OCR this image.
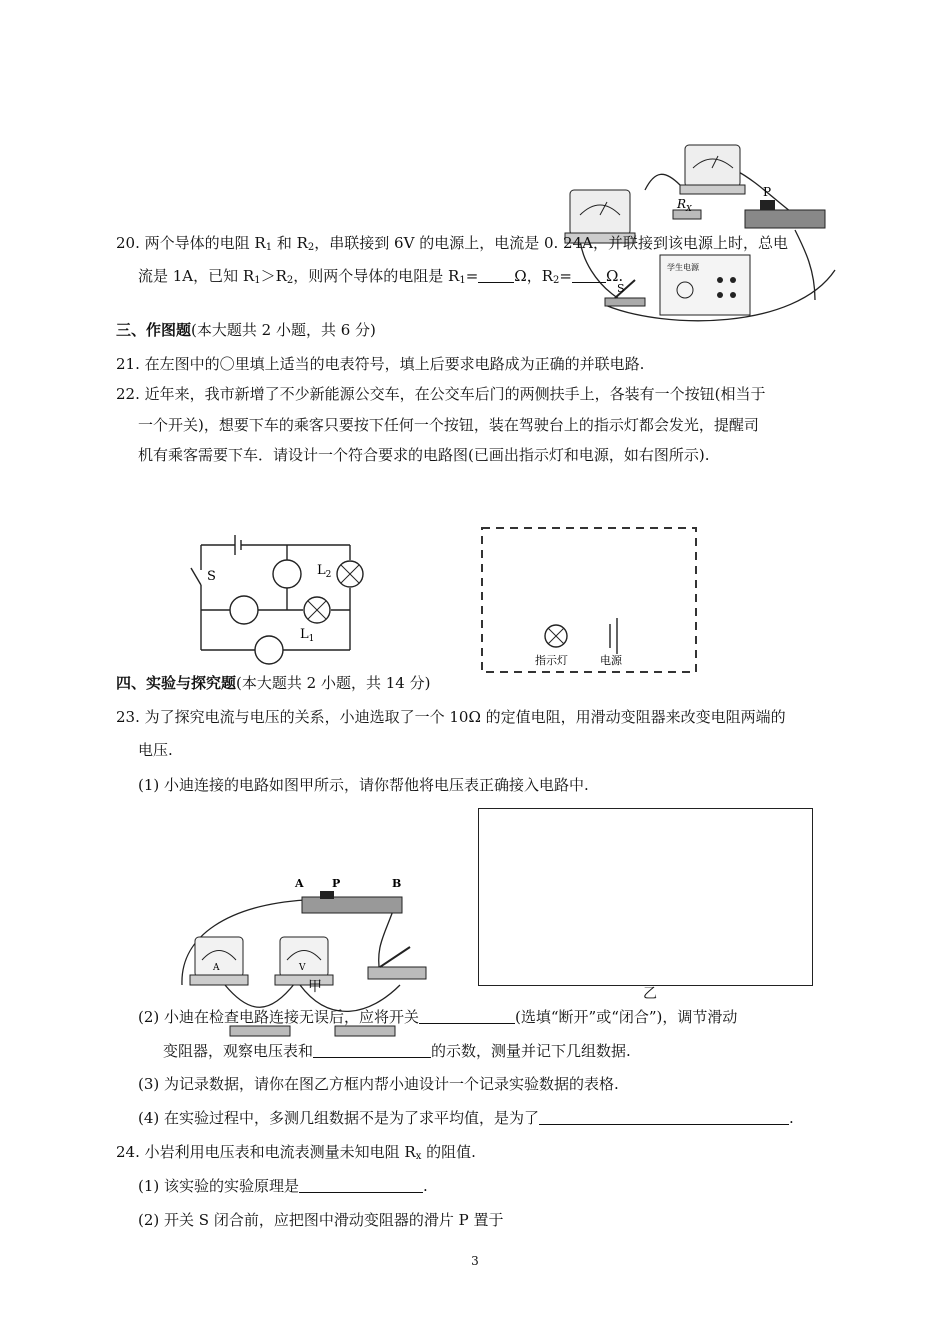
$R_X$
P
学生电源
S
20. 两个导体的电阻 $R_1$ 和 $R_2$，串联接到 6V 的电源上，电流是 0. 24A，并联接到该电源上时，总电
流是 1A，已知 $R_1>R_2$，则两个导体的电阻是 $R_1= \Omega$，$R_2= \Omega$.
三、作图题(本大题共 2 小题，共 6 分)
21. 在左图中的〇里填上适当的电表符号，填上后要求电路成为正确的并联电路.
22. 近年来，我市新增了不少新能源公交车，在公交车后门的两侧扶手上，各装有一个按钮(相当于
一个开关)，想要下车的乘客只要按下任何一个按钮，装在驾驶台上的指示灯都会发光，提醒司
机有乘客需要下车．请设计一个符合要求的电路图(已画出指示灯和电源，如右图所示).
S	$L_2$
$L_1$
指示灯	电源
四、实验与探究题(本大题共 2 小题，共 14 分)
23. 为了探究电流与电压的关系，小迪选取了一个 10Ω 的定值电阻，用滑动变阻器来改变电阻两端的
电压.
(1) 小迪连接的电路如图甲所示，请你帮他将电压表正确接入电路中.
A	P	B
A	V
甲	乙
(2) 小迪在检查电路连接无误后，应将开关	(选填“断开”或“闭合”)，调节滑动
变阻器，观察电压表和	的示数，测量并记下几组数据.
(3) 为记录数据，请你在图乙方框内帮小迪设计一个记录实验数据的表格.
(4) 在实验过程中，多测几组数据不是为了求平均值，是为了	.
24. 小岩利用电压表和电流表测量未知电阻 $R_x$ 的阻值.
(1) 该实验的实验原理是	.
(2) 开关 S 闭合前，应把图中滑动变阻器的滑片 P 置于
3
